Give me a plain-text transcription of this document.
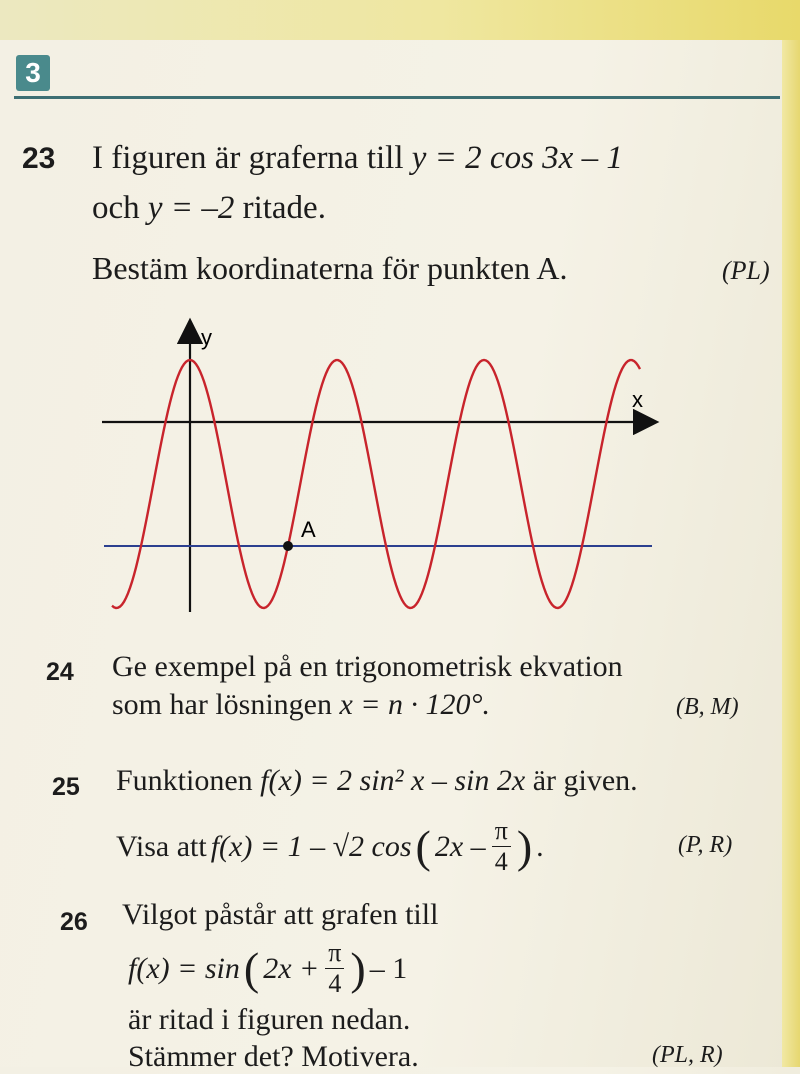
3
23 I figuren är graferna till y = 2 cos 3x – 1
och y = –2 ritade.
Bestäm koordinaterna för punkten A.	(PL)
y
x
A
24 Ge exempel på en trigonometrisk ekvation
som har lösningen x = n · 120°.	(B, M)
25 Funktionen f(x) = 2 sin² x – sin 2x är given.
Visa att f(x) = 1 – √2 cos ( $2x - \frac{\pi}{4}$ ) .	(P, R)
26 Vilgot påstår att grafen till
f(x) = sin ( $2x + \frac{\pi}{4}$ ) – 1
är ritad i figuren nedan.
Stämmer det? Motivera.	(PL, R)
